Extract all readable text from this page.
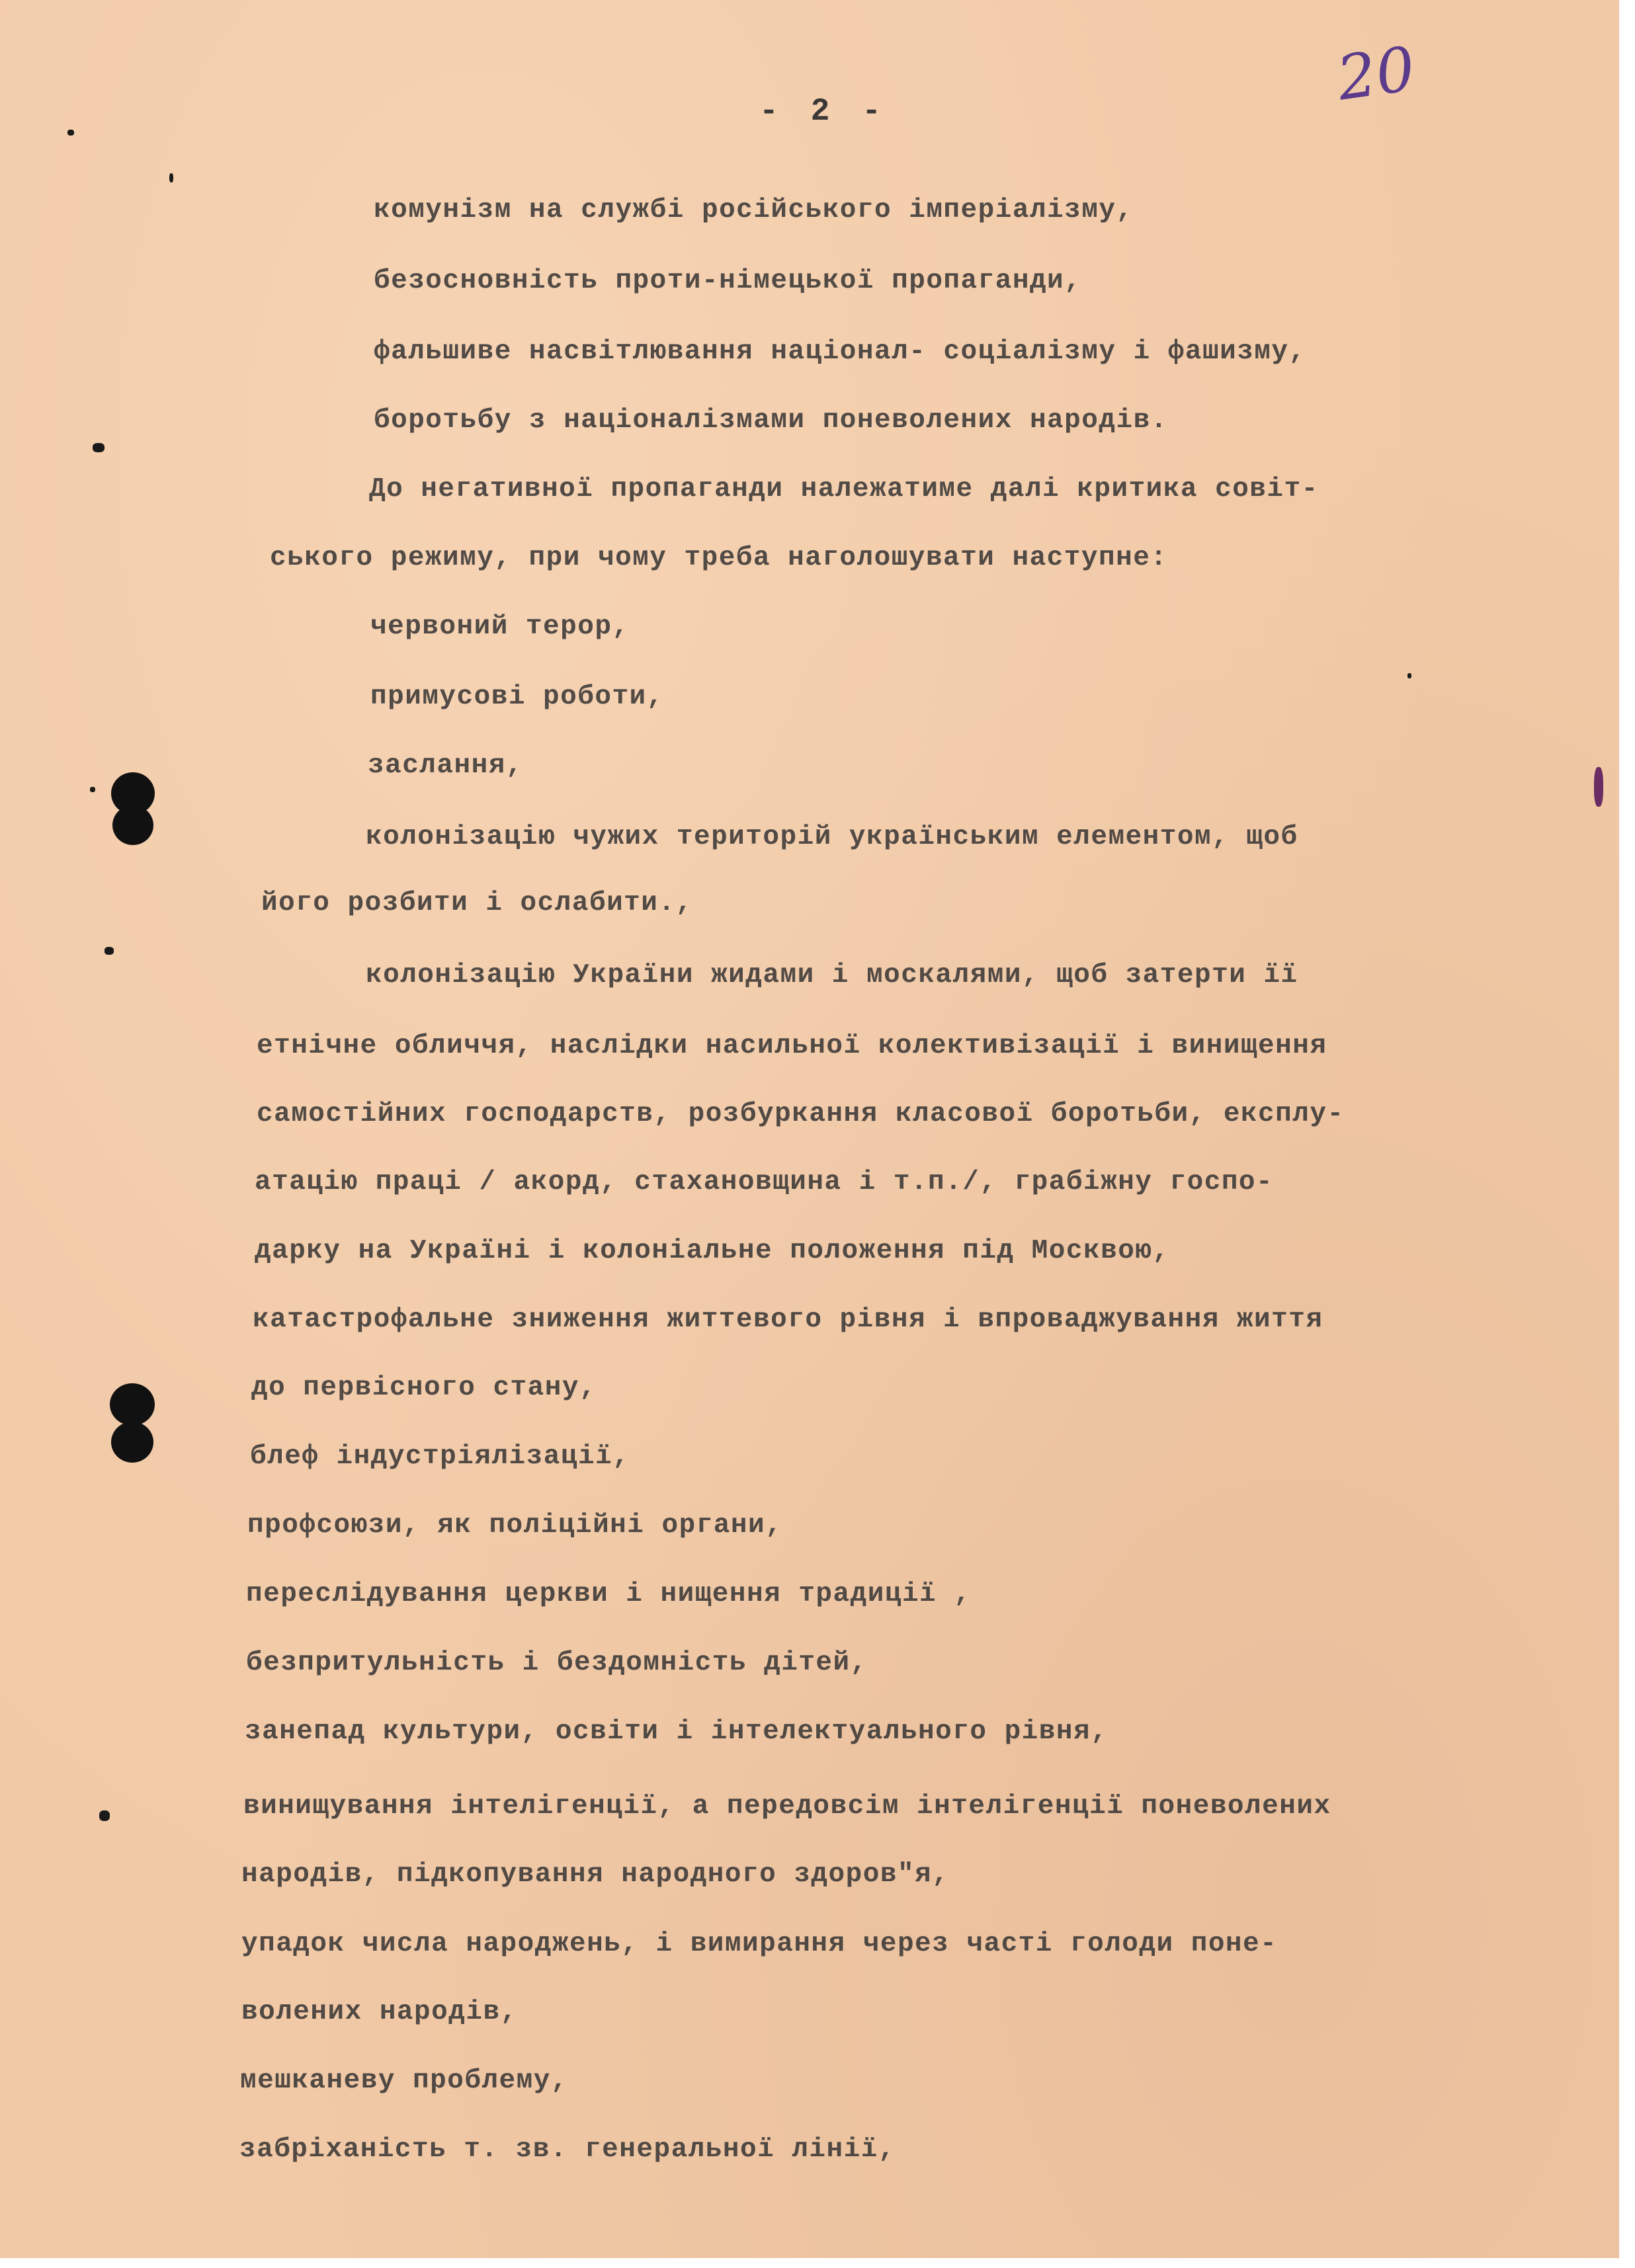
- 2 -	20

комунізм на службі російського імперіалізму,

безосновність проти-німецької пропаганди,

фальшиве насвітлювання націонал- соціалізму і фашизму,

боротьбу з націоналізмами поневолених народів.

До негативної пропаганди належатиме далі критика совіт-

ського режиму, при чому треба наголошувати наступне:

червоний терор,

примусові роботи,

заслання,

колонізацію чужих територій українським елементом, щоб

його розбити і ослабити.,

колонізацію України жидами і москалями, щоб затерти її

етнічне обличчя, наслідки насильної колективізації і винищення

самостійних господарств, розбуркання класової боротьби, експлу-

атацію праці / акорд, стахановщина і т.п./, грабіжну госпо-

дарку на Україні і колоніальне положення під Москвою,

катастрофальне зниження життевого рівня і впроваджування життя

до первісного стану,

блеф індустріялізації,

профсоюзи, як поліційні органи,

переслідування церкви і нищення традиції ,

безпритульність і бездомність дітей,

занепад культури, освіти і інтелектуального рівня,

винищування інтелігенції, а передовсім інтелігенції поневолених

народів, підкопування народного здоров"я,

упадок числа народжень, і вимирання через часті голоди поне-

волених народів,

мешканеву проблему,

забріханість т. зв. генеральної лінії,
